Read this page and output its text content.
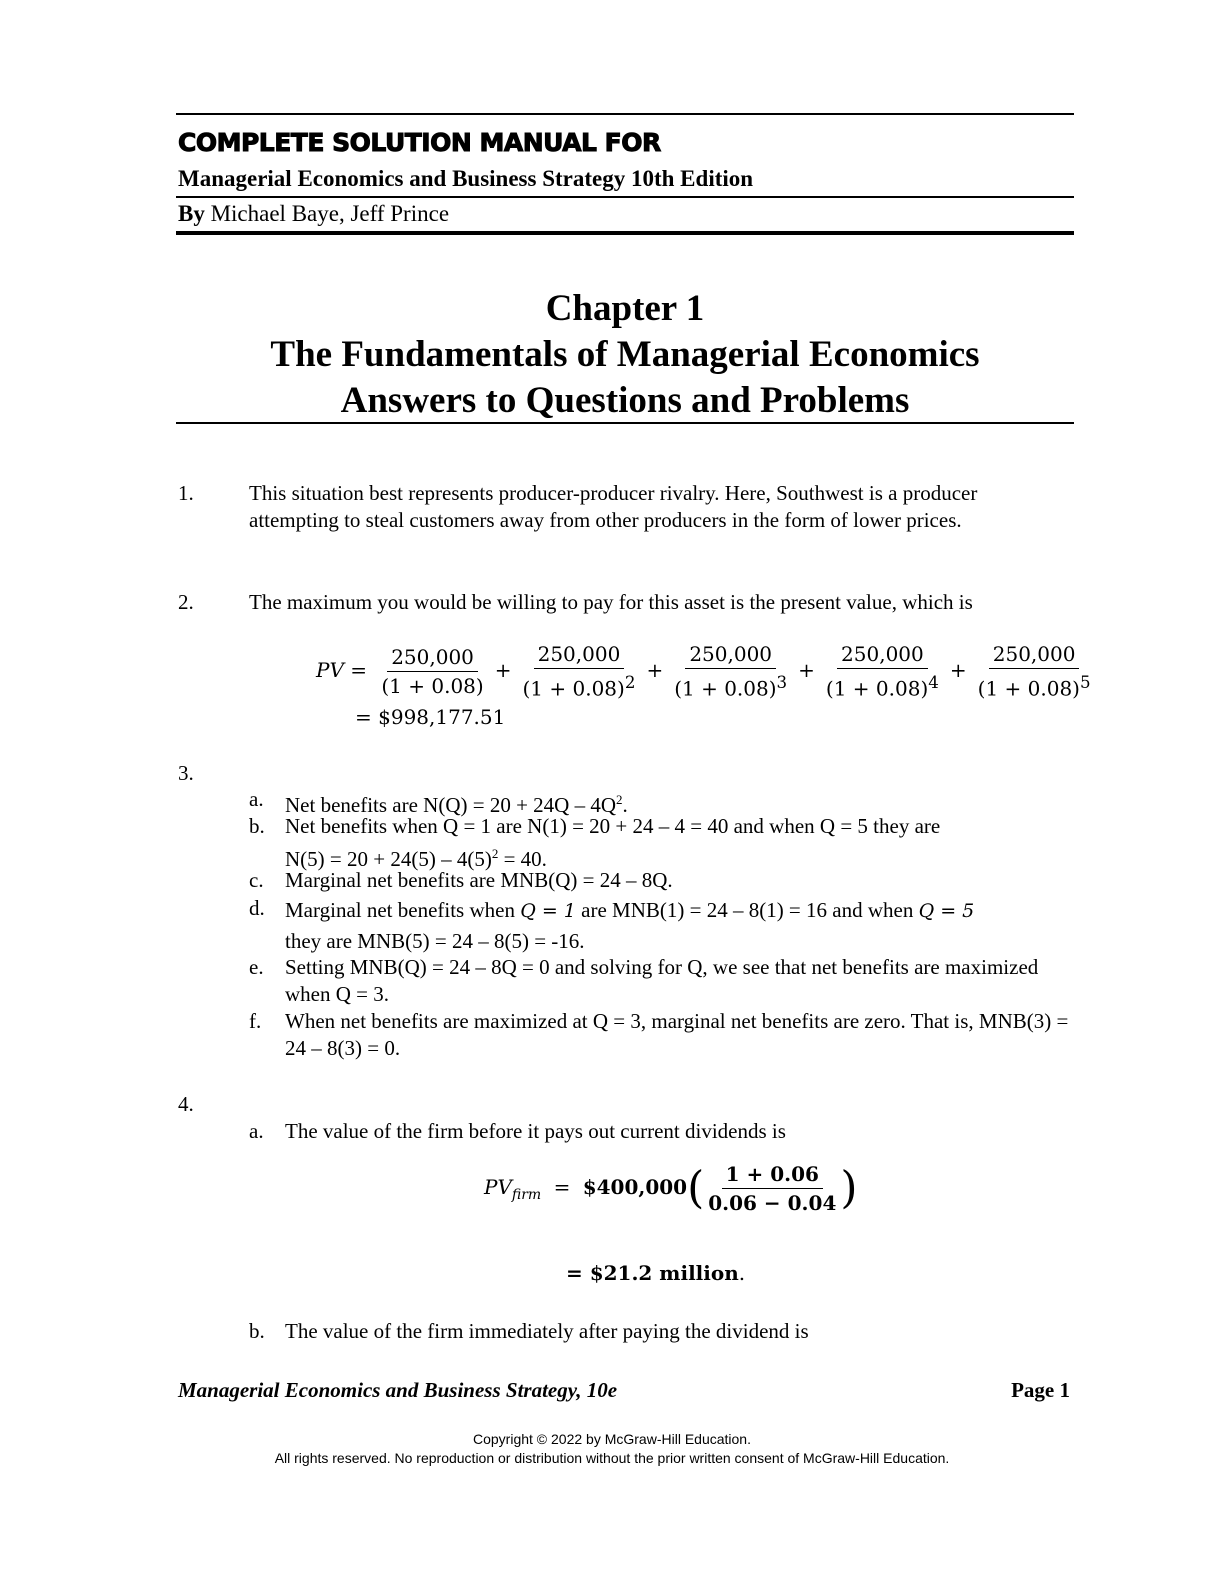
COMPLETE SOLUTION MANUAL FOR
Managerial Economics and Business Strategy 10th Edition
By Michael Baye, Jeff Prince
Chapter 1
The Fundamentals of Managerial Economics
Answers to Questions and Problems
1.	This situation best represents producer-producer rivalry. Here, Southwest is a producer attempting to steal customers away from other producers in the form of lower prices.
2.	The maximum you would be willing to pay for this asset is the present value, which is
PV = $\frac{250,000}{(1 + 0.08)} + \frac{250,000}{(1 + 0.08)^2} + \frac{250,000}{(1 + 0.08)^3} + \frac{250,000}{(1 + 0.08)^4} + \frac{250,000}{(1 + 0.08)^5}$
= $998,177.51
3.
a. Net benefits are $N(Q) = 20 + 24Q - 4Q^2$.
b. Net benefits when Q = 1 are N(1) = 20 + 24 – 4 = 40 and when Q = 5 they are
$N(5) = 20 + 24(5) - 4(5)^2 = 40$.
c. Marginal net benefits are MNB(Q) = 24 – 8Q.
d. Marginal net benefits when Q = 1 are MNB(1) = 24 – 8(1) = 16 and when Q = 5
they are MNB(5) = 24 – 8(5) = -16.
e. Setting MNB(Q) = 24 – 8Q = 0 and solving for Q, we see that net benefits are maximized when Q = 3.
f. When net benefits are maximized at Q = 3, marginal net benefits are zero. That is, MNB(3) = 24 – 8(3) = 0.
4.
a. The value of the firm before it pays out current dividends is
$PV_{firm}$ = $400,000( $\frac{1 + 0.06}{0.06 - 0.04}$ )
= $21.2 million.
b. The value of the firm immediately after paying the dividend is
Managerial Economics and Business Strategy, 10e	Page 1
Copyright © 2022 by McGraw-Hill Education.
All rights reserved. No reproduction or distribution without the prior written consent of McGraw-Hill Education.
